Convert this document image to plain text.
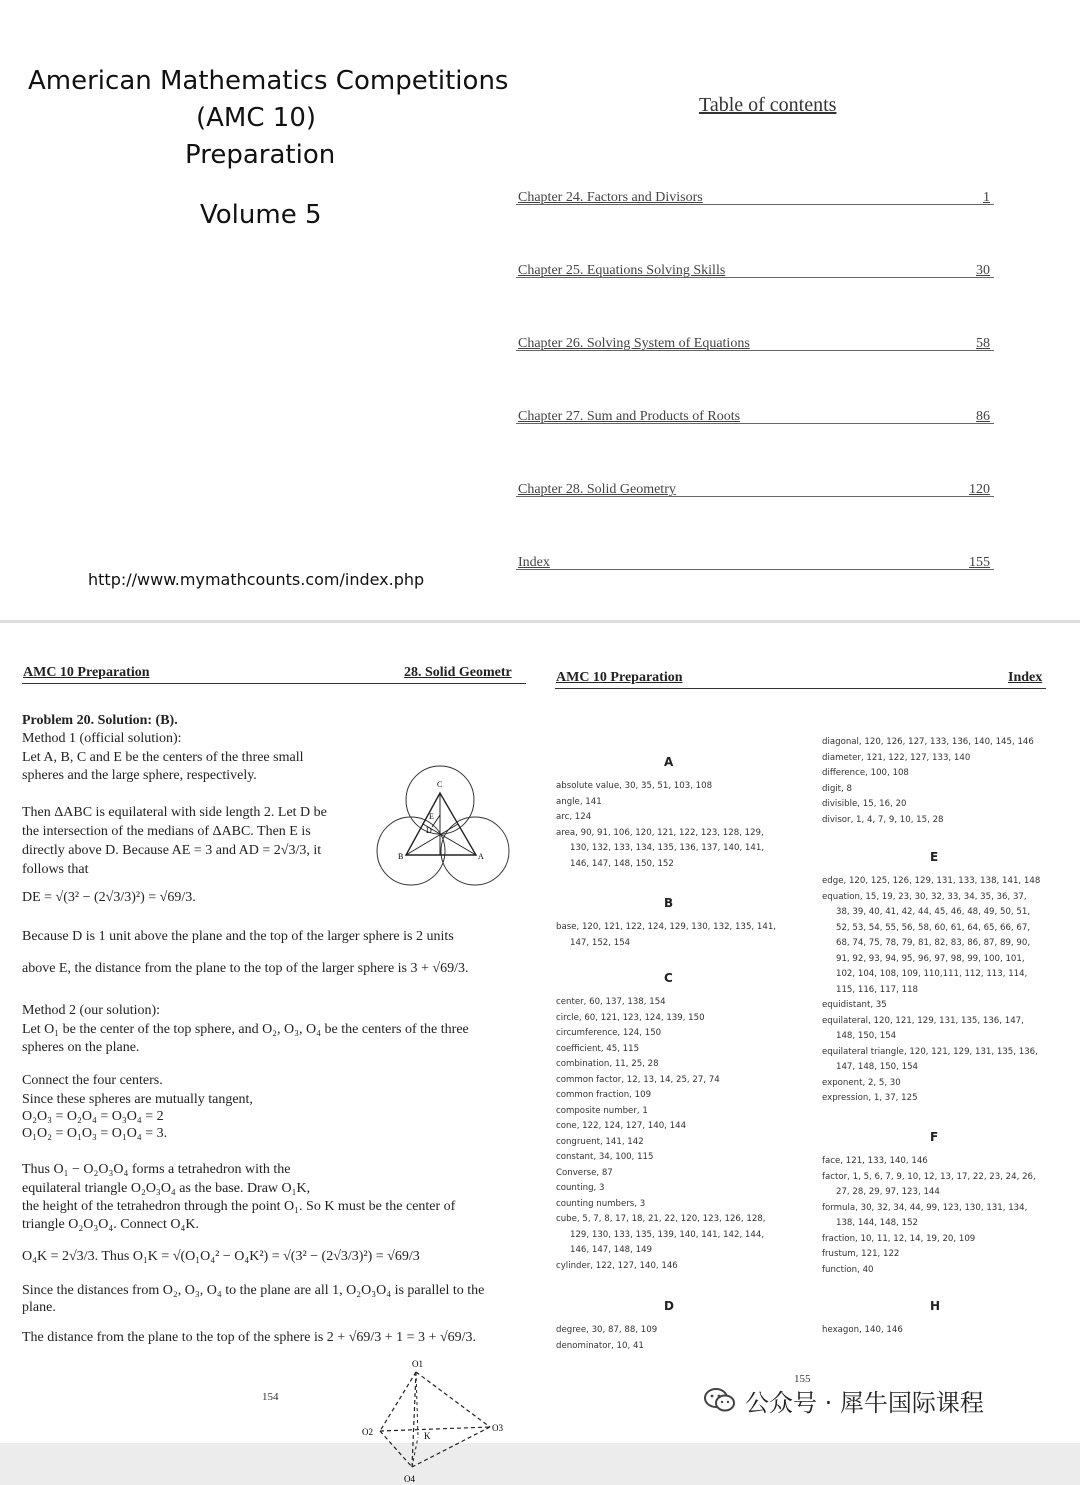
American Mathematics Competitions
(AMC 10)
Preparation
Volume 5
http://www.mymathcounts.com/index.php
Table of contents
Chapter 24. Factors and Divisors	1
Chapter 25. Equations Solving Skills	30
Chapter 26. Solving System of Equations	58
Chapter 27. Sum and Products of Roots	86
Chapter 28. Solid Geometry	120
Index	155
AMC 10 Preparation	28. Solid Geometr	AMC 10 Preparation	Index
Problem 20. Solution: (B).
Method 1 (official solution):
Let A, B, C and E be the centers of the three small
spheres and the large sphere, respectively.
Then ΔABC is equilateral with side length 2. Let D be
the intersection of the medians of ΔABC. Then E is
directly above D. Because AE = 3 and AD = 2√3/3, it
follows that
DE = √(3² − (2√3/3)²) = √69/3.
Because D is 1 unit above the plane and the top of the larger sphere is 2 units
above E, the distance from the plane to the top of the larger sphere is 3 + √69/3.
Method 2 (our solution):
Let O₁ be the center of the top sphere, and O₂, O₃, O₄ be the centers of the three
spheres on the plane.
Connect the four centers.
Since these spheres are mutually tangent,
O₂O₃ = O₂O₄ = O₃O₄ = 2
O₁O₂ = O₁O₃ = O₁O₄ = 3.
Thus O₁ − O₂O₃O₄ forms a tetrahedron with the
equilateral triangle O₂O₃O₄ as the base. Draw O₁K,
the height of the tetrahedron through the point O₁. So K must be the center of
triangle O₂O₃O₄. Connect O₄K.
O₄K = 2√3/3. Thus O₁K = √(O₁O₄² − O₄K²) = √(3² − (2√3/3)²) = √69/3
Since the distances from O₂, O₃, O₄ to the plane are all 1, O₂O₃O₄ is parallel to the
plane.
The distance from the plane to the top of the sphere is 2 + √69/3 + 1 = 3 + √69/3.
C
E
D
B	A
O1
O2	O3
O4
K
154
A
absolute value, 30, 35, 51, 103, 108
angle, 141
arc, 124
area, 90, 91, 106, 120, 121, 122, 123, 128, 129,
130, 132, 133, 134, 135, 136, 137, 140, 141,
146, 147, 148, 150, 152
B
base, 120, 121, 122, 124, 129, 130, 132, 135, 141,
147, 152, 154
C
center, 60, 137, 138, 154
circle, 60, 121, 123, 124, 139, 150
circumference, 124, 150
coefficient, 45, 115
combination, 11, 25, 28
common factor, 12, 13, 14, 25, 27, 74
common fraction, 109
composite number, 1
cone, 122, 124, 127, 140, 144
congruent, 141, 142
constant, 34, 100, 115
Converse, 87
counting, 3
counting numbers, 3
cube, 5, 7, 8, 17, 18, 21, 22, 120, 123, 126, 128,
129, 130, 133, 135, 139, 140, 141, 142, 144,
146, 147, 148, 149
cylinder, 122, 127, 140, 146
D
degree, 30, 87, 88, 109
denominator, 10, 41
diagonal, 120, 126, 127, 133, 136, 140, 145, 146
diameter, 121, 122, 127, 133, 140
difference, 100, 108
digit, 8
divisible, 15, 16, 20
divisor, 1, 4, 7, 9, 10, 15, 28
E
edge, 120, 125, 126, 129, 131, 133, 138, 141, 148
equation, 15, 19, 23, 30, 32, 33, 34, 35, 36, 37,
38, 39, 40, 41, 42, 44, 45, 46, 48, 49, 50, 51,
52, 53, 54, 55, 56, 58, 60, 61, 64, 65, 66, 67,
68, 74, 75, 78, 79, 81, 82, 83, 86, 87, 89, 90,
91, 92, 93, 94, 95, 96, 97, 98, 99, 100, 101,
102, 104, 108, 109, 110,111, 112, 113, 114,
115, 116, 117, 118
equidistant, 35
equilateral, 120, 121, 129, 131, 135, 136, 147,
148, 150, 154
equilateral triangle, 120, 121, 129, 131, 135, 136,
147, 148, 150, 154
exponent, 2, 5, 30
expression, 1, 37, 125
F
face, 121, 133, 140, 146
factor, 1, 5, 6, 7, 9, 10, 12, 13, 17, 22, 23, 24, 26,
27, 28, 29, 97, 123, 144
formula, 30, 32, 34, 44, 99, 123, 130, 131, 134,
138, 144, 148, 152
fraction, 10, 11, 12, 14, 19, 20, 109
frustum, 121, 122
function, 40
H
hexagon, 140, 146
155
公众号 · 犀牛国际课程
